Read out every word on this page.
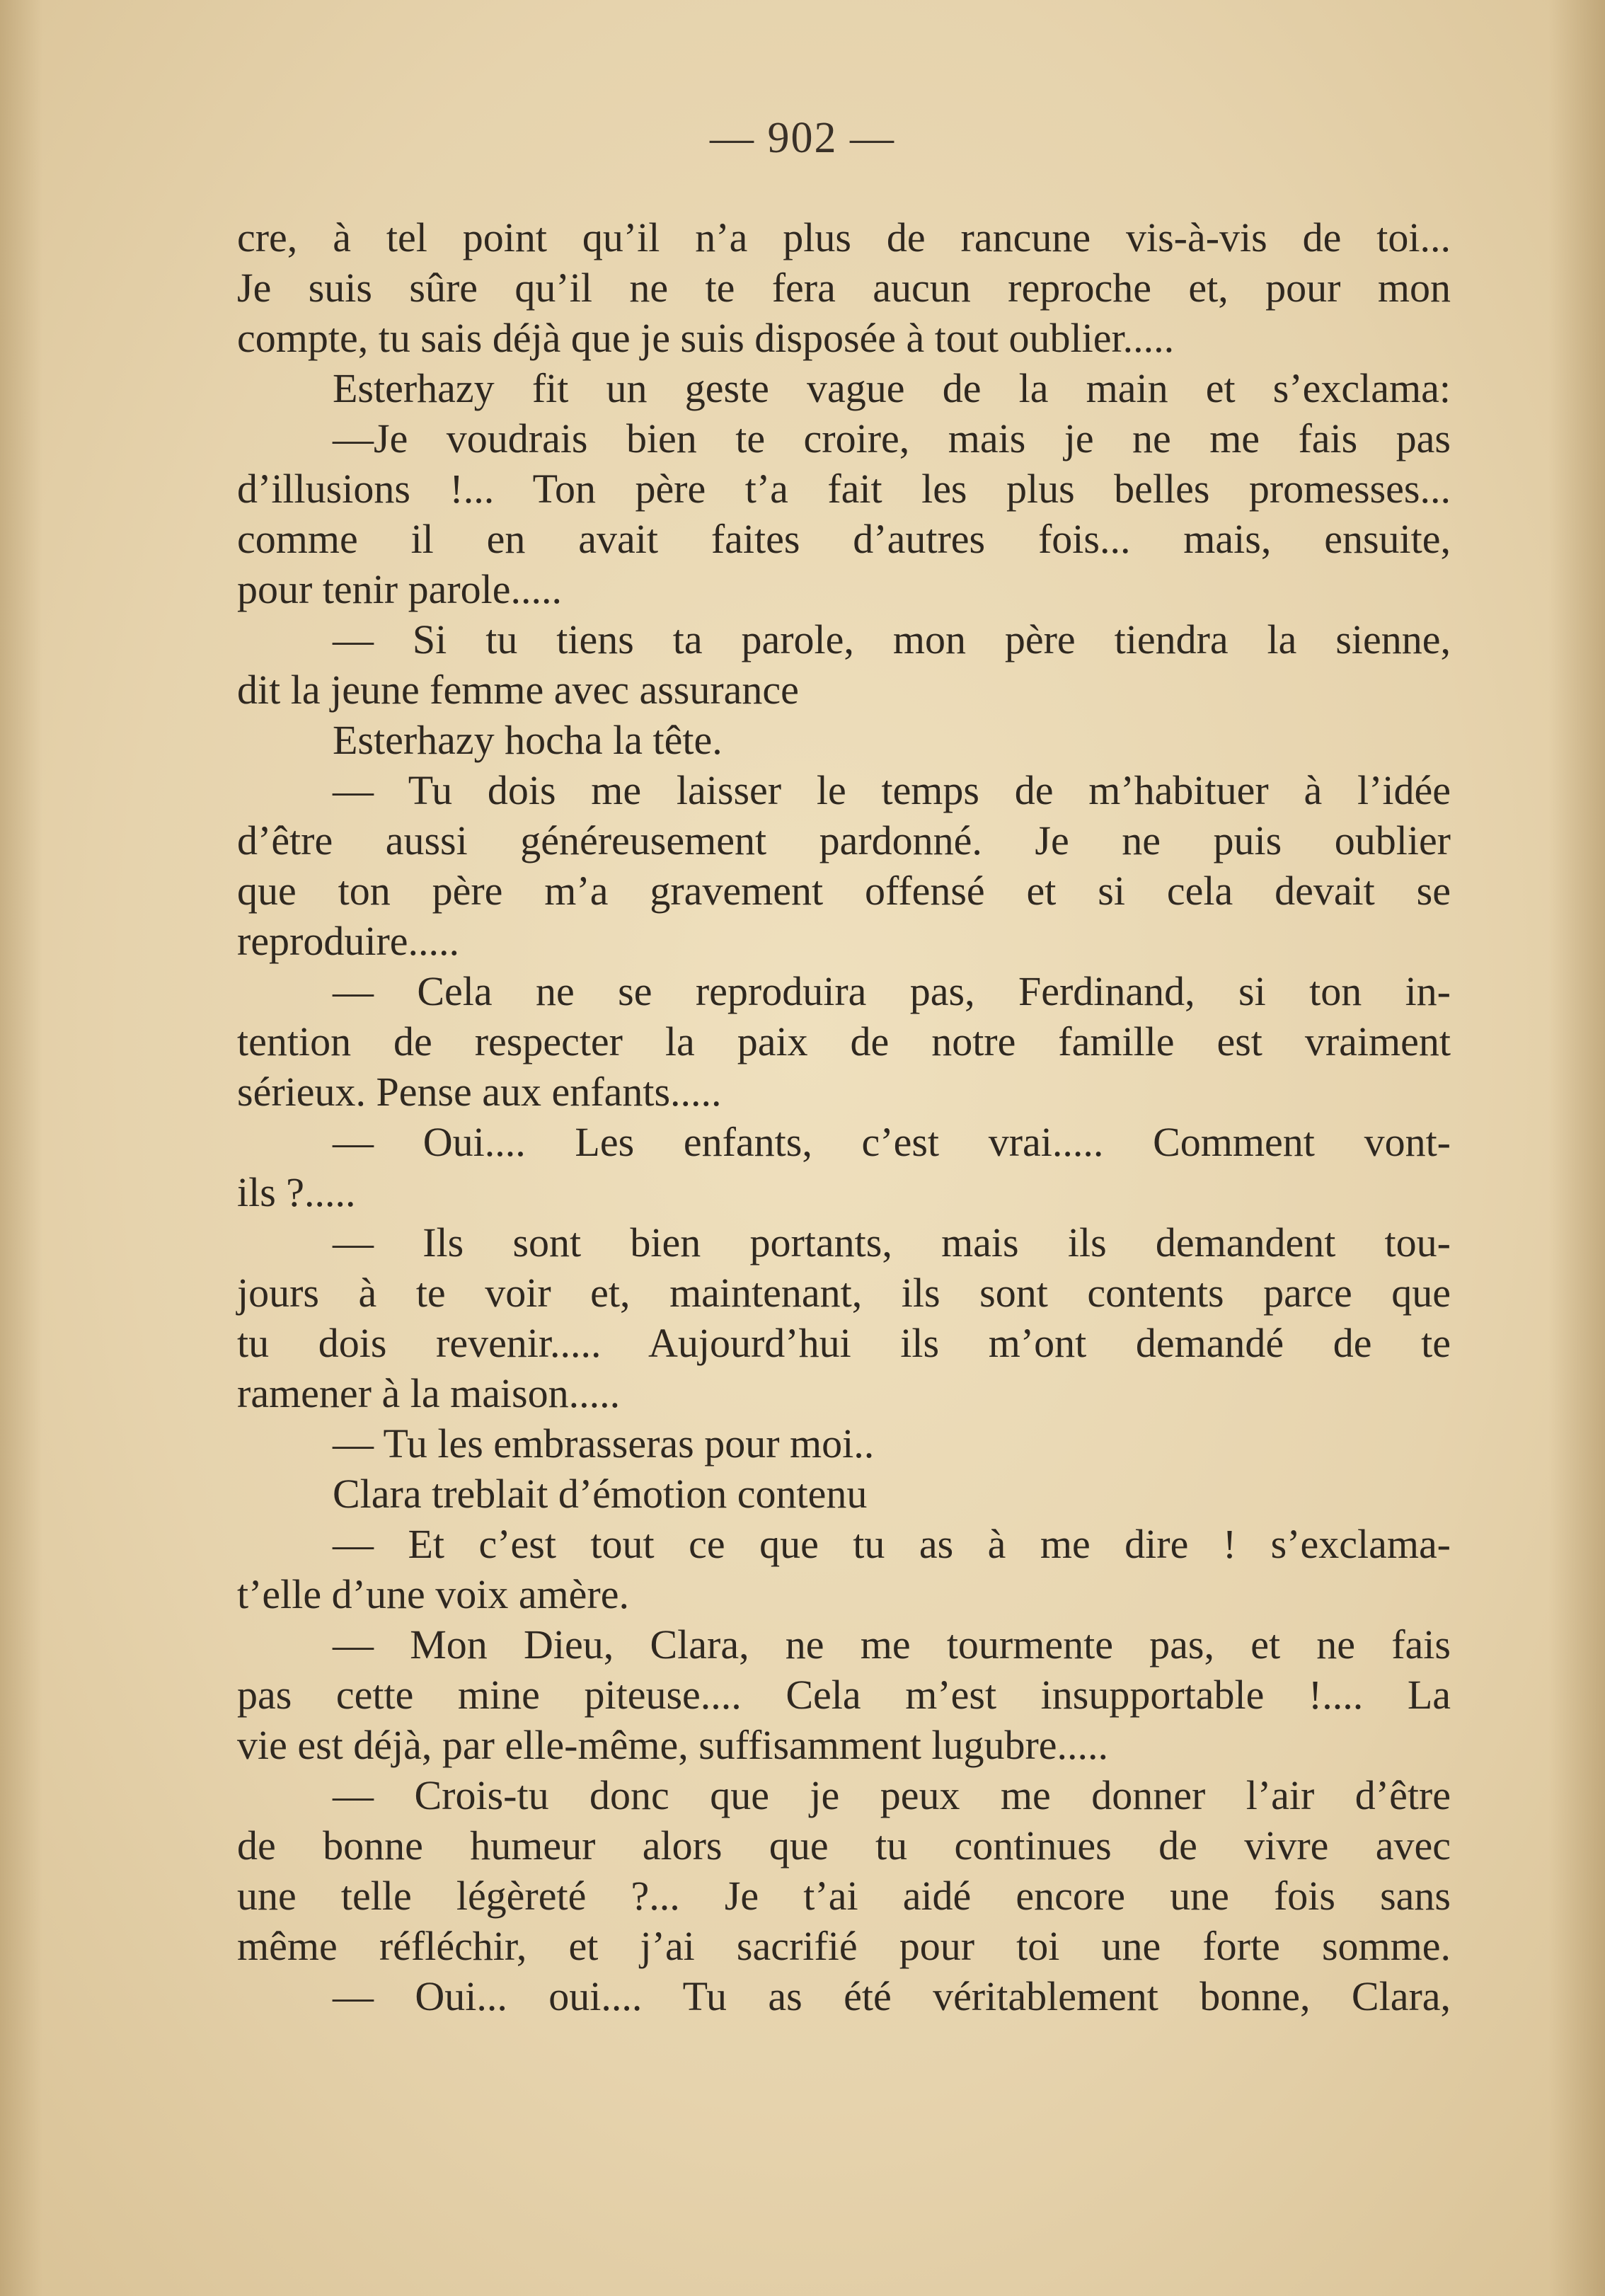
— 902 —
cre, à tel point qu’il n’a plus de rancune vis-à-vis de toi...
Je suis sûre qu’il ne te fera aucun reproche et, pour mon
compte, tu sais déjà que je suis disposée à tout oublier.....
Esterhazy fit un geste vague de la main et s’exclama:
—Je voudrais bien te croire, mais je ne me fais pas
d’illusions !... Ton père t’a fait les plus belles promesses...
comme il en avait faites d’autres fois... mais, ensuite,
pour tenir parole.....
— Si tu tiens ta parole, mon père tiendra la sienne,
dit la jeune femme avec assurance
Esterhazy hocha la tête.
— Tu dois me laisser le temps de m’habituer à l’idée
d’être aussi généreusement pardonné. Je ne puis oublier
que ton père m’a gravement offensé et si cela devait se
reproduire.....
— Cela ne se reproduira pas, Ferdinand, si ton in-
tention de respecter la paix de notre famille est vraiment
sérieux. Pense aux enfants.....
— Oui.... Les enfants, c’est vrai..... Comment vont-
ils ?.....
— Ils sont bien portants, mais ils demandent tou-
jours à te voir et, maintenant, ils sont contents parce que
tu dois revenir..... Aujourd’hui ils m’ont demandé de te
ramener à la maison.....
— Tu les embrasseras pour moi..
Clara treblait d’émotion contenu
— Et c’est tout ce que tu as à me dire ! s’exclama-
t’elle d’une voix amère.
— Mon Dieu, Clara, ne me tourmente pas, et ne fais
pas cette mine piteuse.... Cela m’est insupportable !.... La
vie est déjà, par elle-même, suffisamment lugubre.....
— Crois-tu donc que je peux me donner l’air d’être
de bonne humeur alors que tu continues de vivre avec
une telle légèreté ?... Je t’ai aidé encore une fois sans
même réfléchir, et j’ai sacrifié pour toi une forte somme.
— Oui... oui.... Tu as été véritablement bonne, Clara,
